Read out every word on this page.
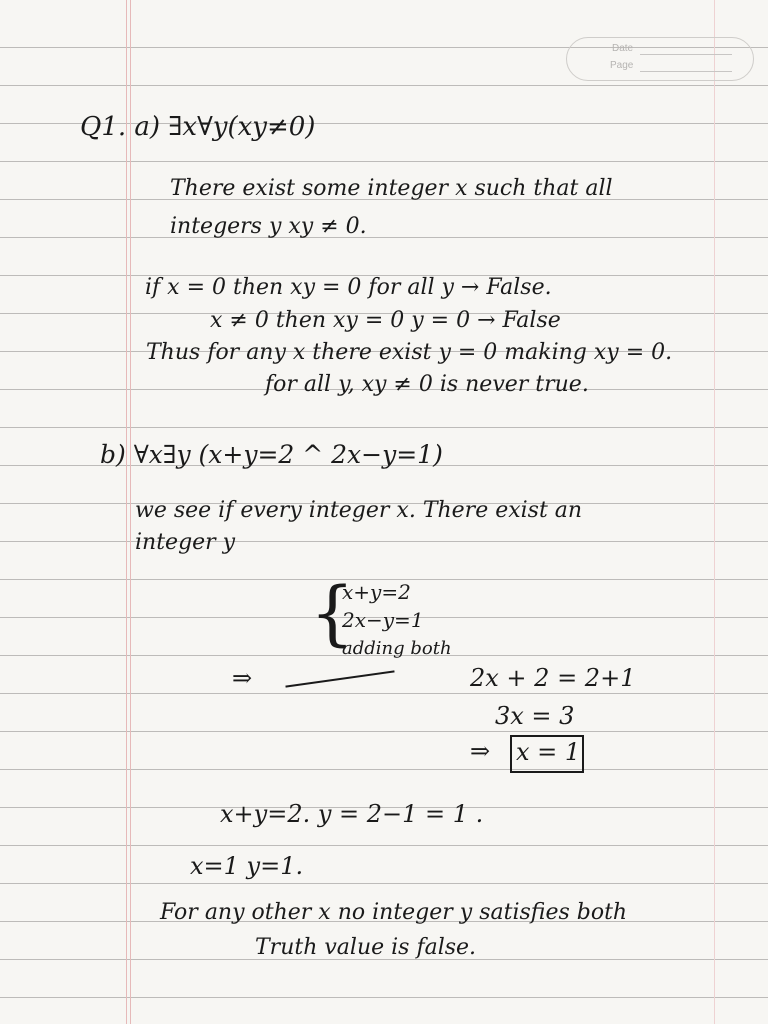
Date
Page
Q1. a) ∃x∀y(xy≠0)
There exist some integer x such that all
integers y xy ≠ 0.
if x = 0 then xy = 0 for all y → False.
x ≠ 0 then xy = 0 y = 0 → False
Thus for any x there exist y = 0 making xy = 0.
for all y, xy ≠ 0 is never true.
b) ∀x∃y (x+y=2 ^ 2x−y=1)
we see if every integer x. There exist an
integer y
{
x+y=2
2x−y=1
adding both
⇒	2x + 2 = 2+1
3x = 3
⇒ x = 1
x+y=2. y = 2−1 = 1 .
x=1 y=1.
For any other x no integer y satisfies both
Truth value is false.
